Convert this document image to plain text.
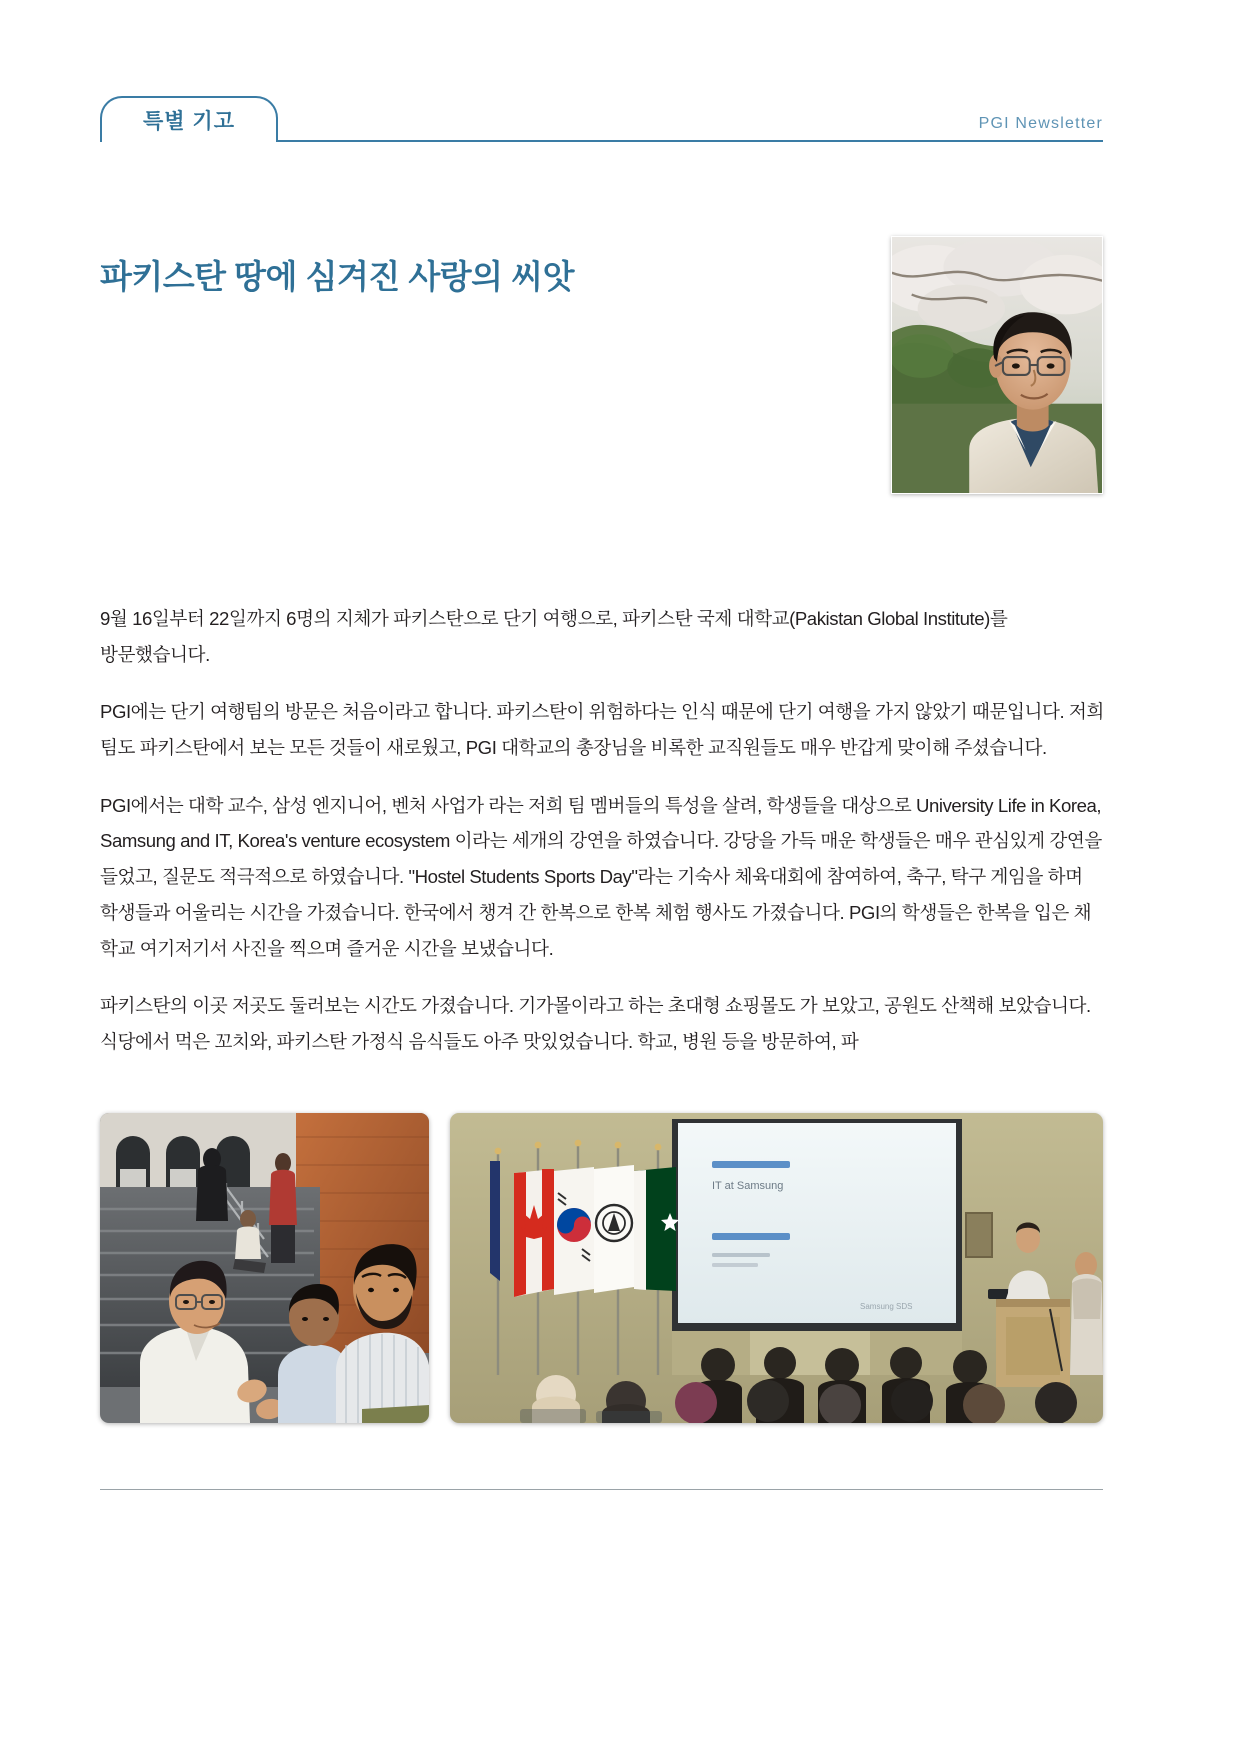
특별 기고	PGI Newsletter
파키스탄 땅에 심겨진 사랑의 씨앗

9월 16일부터 22일까지 6명의 지체가 파키스탄으로 단기 여행으로, 파키스탄 국제 대학교(Pakistan Global Institute)를 방문했습니다.

PGI에는 단기 여행팀의 방문은 처음이라고 합니다. 파키스탄이 위험하다는 인식 때문에 단기 여행을 가지 않았기 때문입니다. 저희 팀도 파키스탄에서 보는 모든 것들이 새로웠고, PGI 대학교의 총장님을 비록한 교직원들도 매우 반갑게 맞이해 주셨습니다.

PGI에서는 대학 교수, 삼성 엔지니어, 벤처 사업가 라는 저희 팀 멤버들의 특성을 살려, 학생들을 대상으로 University Life in Korea, Samsung and IT, Korea's venture ecosystem 이라는 세개의 강연을 하였습니다. 강당을 가득 매운 학생들은 매우 관심있게 강연을 들었고, 질문도 적극적으로 하였습니다. "Hostel Students Sports Day"라는 기숙사 체육대회에 참여하여, 축구, 탁구 게임을 하며 학생들과 어울리는 시간을 가졌습니다. 한국에서 챙겨 간 한복으로 한복 체험 행사도 가졌습니다. PGI의 학생들은 한복을 입은 채 학교 여기저기서 사진을 찍으며 즐거운 시간을 보냈습니다.

파키스탄의 이곳 저곳도 둘러보는 시간도 가졌습니다. 기가몰이라고 하는 초대형 쇼핑몰도 가 보았고, 공원도 산책해 보았습니다. 식당에서 먹은 꼬치와, 파키스탄 가정식 음식들도 아주 맛있었습니다. 학교, 병원 등을 방문하여, 파

IT at Samsung
Samsung SDS
